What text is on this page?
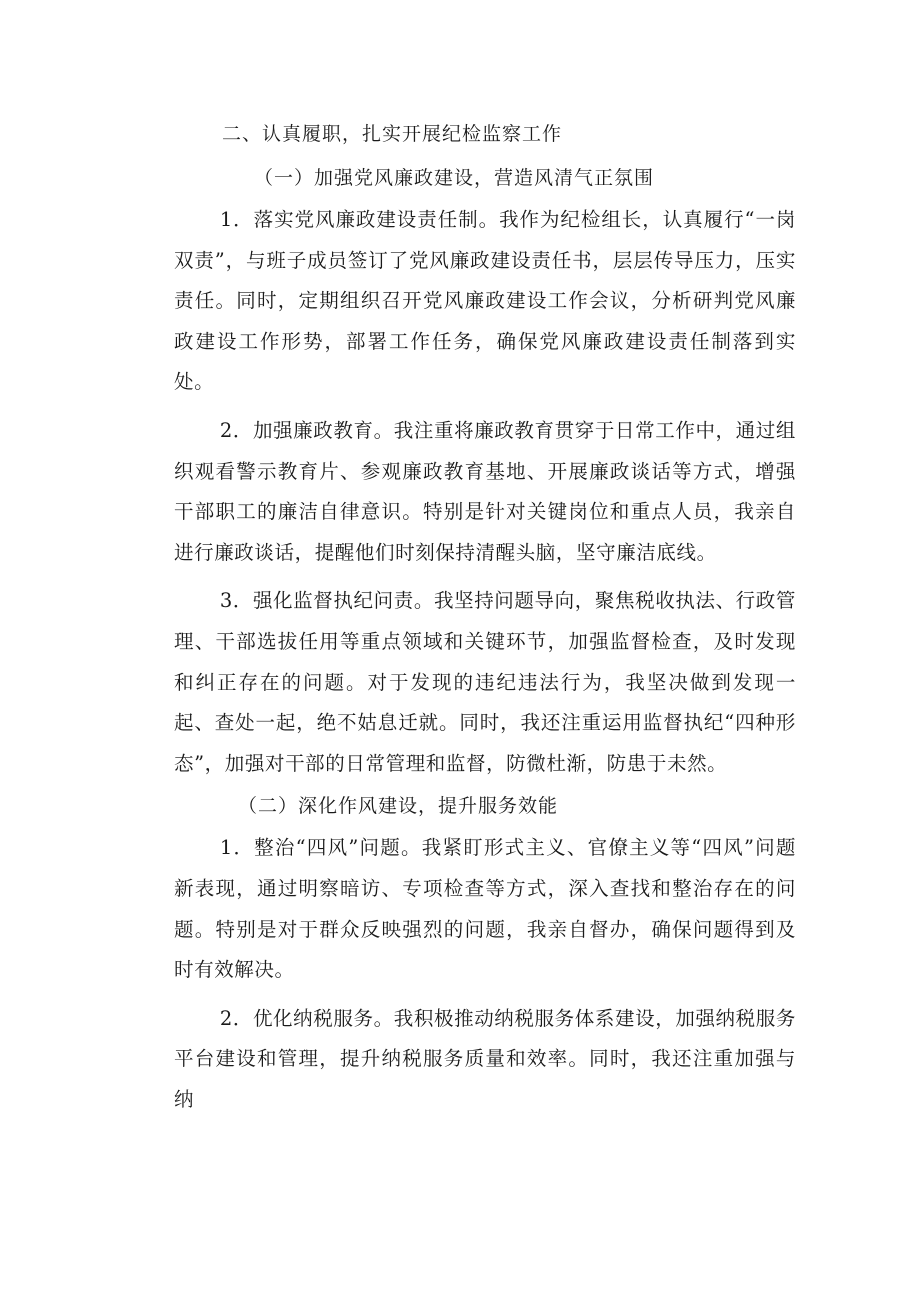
二、认真履职，扎实开展纪检监察工作
（一）加强党风廉政建设，营造风清气正氛围

1．落实党风廉政建设责任制。我作为纪检组长，认真履行“一岗双责”，与班子成员签订了党风廉政建设责任书，层层传导压力，压实责任。同时，定期组织召开党风廉政建设工作会议，分析研判党风廉政建设工作形势，部署工作任务，确保党风廉政建设责任制落到实处。

2．加强廉政教育。我注重将廉政教育贯穿于日常工作中，通过组织观看警示教育片、参观廉政教育基地、开展廉政谈话等方式，增强干部职工的廉洁自律意识。特别是针对关键岗位和重点人员，我亲自进行廉政谈话，提醒他们时刻保持清醒头脑，坚守廉洁底线。

3．强化监督执纪问责。我坚持问题导向，聚焦税收执法、行政管理、干部选拔任用等重点领域和关键环节，加强监督检查，及时发现和纠正存在的问题。对于发现的违纪违法行为，我坚决做到发现一起、查处一起，绝不姑息迁就。同时，我还注重运用监督执纪“四种形态”，加强对干部的日常管理和监督，防微杜渐，防患于未然。

（二）深化作风建设，提升服务效能

1．整治“四风”问题。我紧盯形式主义、官僚主义等“四风”问题新表现，通过明察暗访、专项检查等方式，深入查找和整治存在的问题。特别是对于群众反映强烈的问题，我亲自督办，确保问题得到及时有效解决。

2．优化纳税服务。我积极推动纳税服务体系建设，加强纳税服务平台建设和管理，提升纳税服务质量和效率。同时，我还注重加强与纳
